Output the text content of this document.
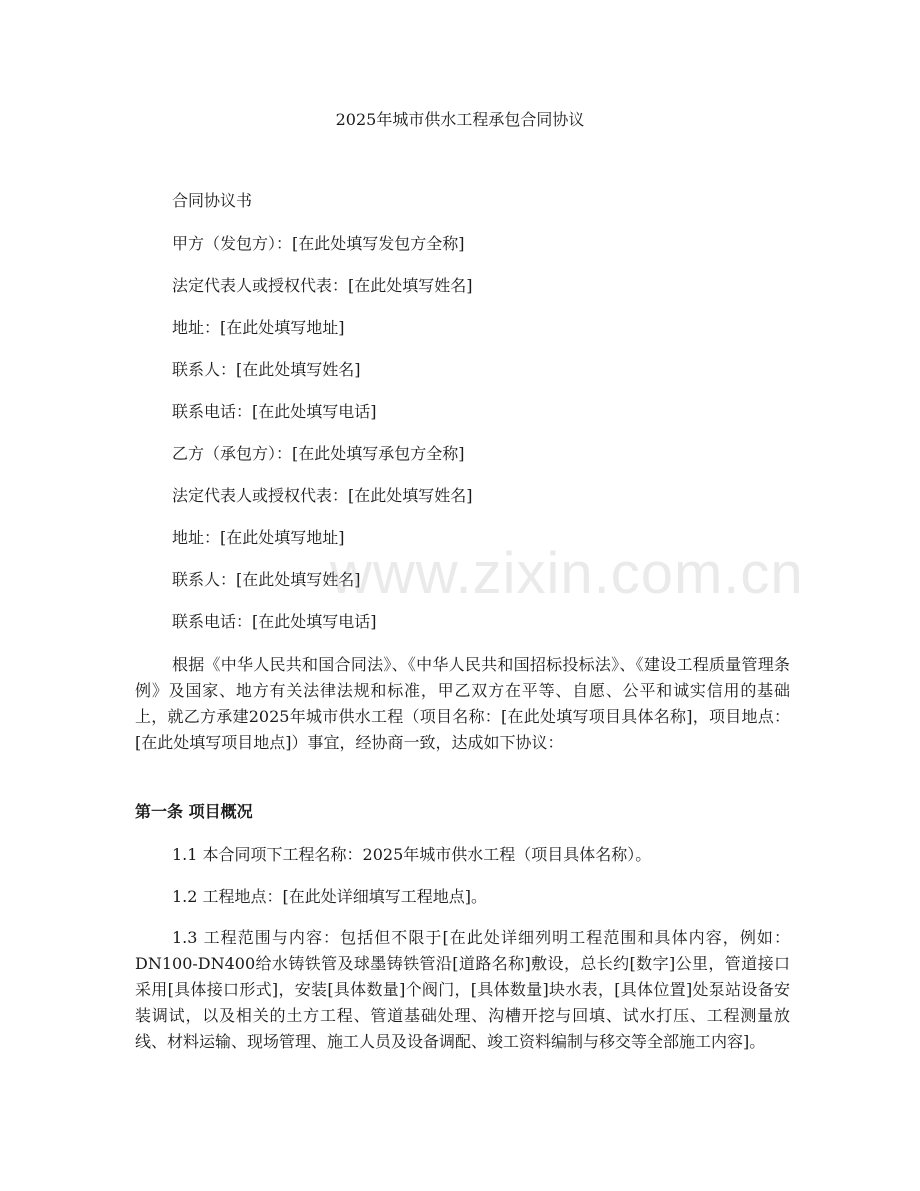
2025年城市供水工程承包合同协议
合同协议书
甲方（发包方）：[在此处填写发包方全称]
法定代表人或授权代表：[在此处填写姓名]
地址：[在此处填写地址]
联系人：[在此处填写姓名]
联系电话：[在此处填写电话]
乙方（承包方）：[在此处填写承包方全称]
法定代表人或授权代表：[在此处填写姓名]
地址：[在此处填写地址]
联系人：[在此处填写姓名]
联系电话：[在此处填写电话]
根据《中华人民共和国合同法》、《中华人民共和国招标投标法》、《建设工程质量管理条例》及国家、地方有关法律法规和标准，甲乙双方在平等、自愿、公平和诚实信用的基础上，就乙方承建2025年城市供水工程（项目名称：[在此处填写项目具体名称]，项目地点：[在此处填写项目地点]）事宜，经协商一致，达成如下协议：
第一条 项目概况
1.1 本合同项下工程名称：2025年城市供水工程（项目具体名称）。
1.2 工程地点：[在此处详细填写工程地点]。
1.3 工程范围与内容：包括但不限于[在此处详细列明工程范围和具体内容，例如：DN100-DN400给水铸铁管及球墨铸铁管沿[道路名称]敷设，总长约[数字]公里，管道接口采用[具体接口形式]，安装[具体数量]个阀门，[具体数量]块水表，[具体位置]处泵站设备安装调试，以及相关的土方工程、管道基础处理、沟槽开挖与回填、试水打压、工程测量放线、材料运输、现场管理、施工人员及设备调配、竣工资料编制与移交等全部施工内容]。
www.zixin.com.cn
